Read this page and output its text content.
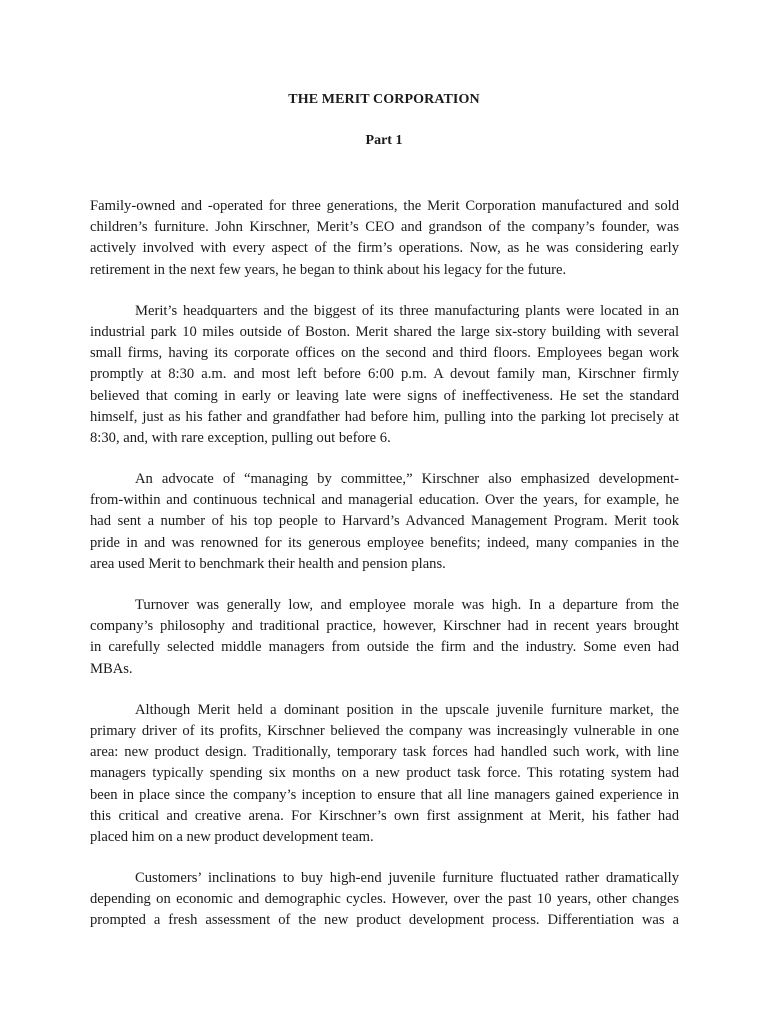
THE MERIT CORPORATION
Part 1
Family-owned and -operated for three generations, the Merit Corporation manufactured and sold
children’s furniture. John Kirschner, Merit’s CEO and grandson of the company’s founder, was
actively involved with every aspect of the firm’s operations. Now, as he was considering early
retirement in the next few years, he began to think about his legacy for the future.
Merit’s headquarters and the biggest of its three manufacturing plants were located in an
industrial park 10 miles outside of Boston. Merit shared the large six-story building with several
small firms, having its corporate offices on the second and third floors. Employees began work
promptly at 8:30 a.m. and most left before 6:00 p.m. A devout family man, Kirschner firmly
believed that coming in early or leaving late were signs of ineffectiveness. He set the standard
himself, just as his father and grandfather had before him, pulling into the parking lot precisely at
8:30, and, with rare exception, pulling out before 6.
An advocate of “managing by committee,” Kirschner also emphasized development-
from-within and continuous technical and managerial education. Over the years, for example, he
had sent a number of his top people to Harvard’s Advanced Management Program. Merit took
pride in and was renowned for its generous employee benefits; indeed, many companies in the
area used Merit to benchmark their health and pension plans.
Turnover was generally low, and employee morale was high. In a departure from the
company’s philosophy and traditional practice, however, Kirschner had in recent years brought
in carefully selected middle managers from outside the firm and the industry. Some even had
MBAs.
Although Merit held a dominant position in the upscale juvenile furniture market, the
primary driver of its profits, Kirschner believed the company was increasingly vulnerable in one
area: new product design. Traditionally, temporary task forces had handled such work, with line
managers typically spending six months on a new product task force. This rotating system had
been in place since the company’s inception to ensure that all line managers gained experience in
this critical and creative arena. For Kirschner’s own first assignment at Merit, his father had
placed him on a new product development team.
Customers’ inclinations to buy high-end juvenile furniture fluctuated rather dramatically
depending on economic and demographic cycles. However, over the past 10 years, other changes
prompted a fresh assessment of the new product development process. Differentiation was a
